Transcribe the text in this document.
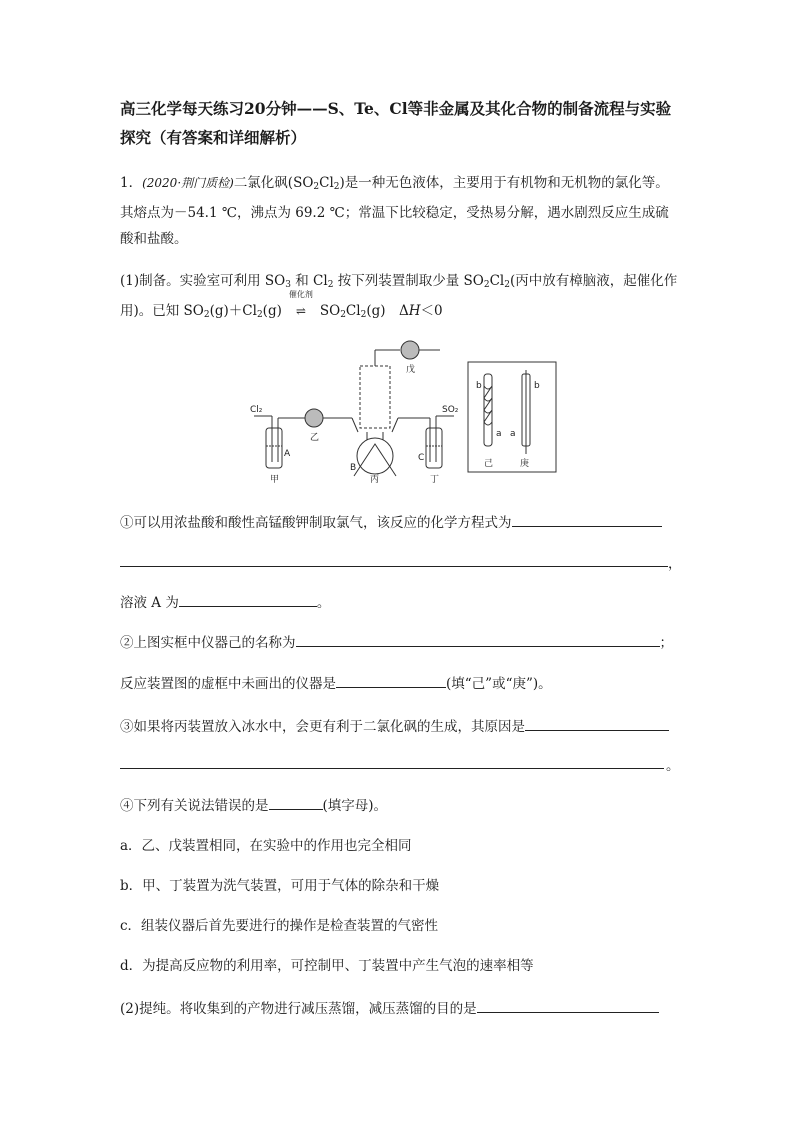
高三化学每天练习20分钟——S、Te、Cl等非金属及其化合物的制备流程与实验探究（有答案和详细解析）
1．(2020·荆门质检)二氯化砜$(SO_2Cl_2)$是一种无色液体，主要用于有机物和无机物的氯化等。其熔点为－54.1 ℃，沸点为 69.2 ℃；常温下比较稳定，受热易分解，遇水剧烈反应生成硫酸和盐酸。
(1)制备。实验室可利用 $SO_3$ 和 $Cl_2$ 按下列装置制取少量 $SO_2Cl_2$(丙中放有樟脑液，起催化作用)。已知 $SO_2(g)+Cl_2(g)$
催化剂
⇌ $SO_2Cl_2(g)$　ΔH＜0
Cl₂	SO₂
A
甲
乙
B
丙
C
丁
戊
b
a
b
a
己	庚
①可以用浓盐酸和酸性高锰酸钾制取氯气，该反应的化学方程式为
，
溶液 A 为	。
②上图实框中仪器己的名称为	；
反应装置图的虚框中未画出的仪器是	(填“己”或“庚”)。
③如果将丙装置放入冰水中，会更有利于二氯化砜的生成，其原因是
。
④下列有关说法错误的是	(填字母)。
a．乙、戊装置相同，在实验中的作用也完全相同
b．甲、丁装置为洗气装置，可用于气体的除杂和干燥
c．组装仪器后首先要进行的操作是检查装置的气密性
d．为提高反应物的利用率，可控制甲、丁装置中产生气泡的速率相等
(2)提纯。将收集到的产物进行减压蒸馏，减压蒸馏的目的是
